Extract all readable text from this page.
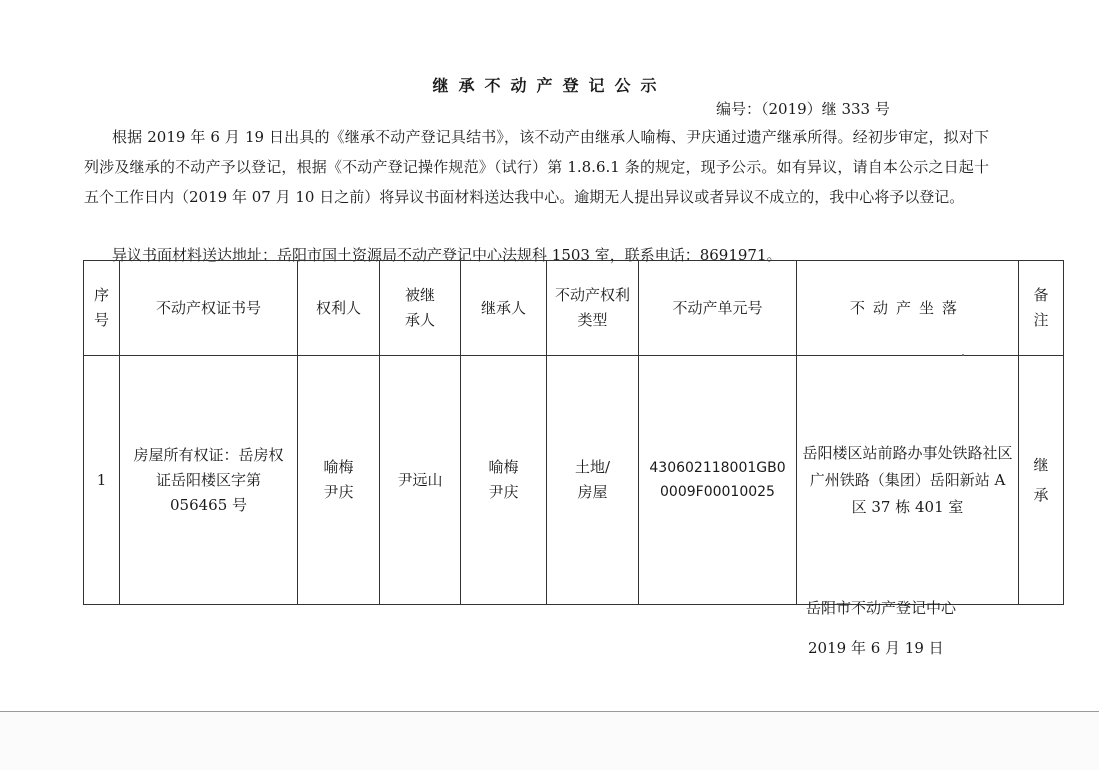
继承不动产登记公示
编号：（2019）继 333 号
根据 2019 年 6 月 19 日出具的《继承不动产登记具结书》，该不动产由继承人喻梅、尹庆通过遗产继承所得。经初步审定，拟对下列涉及继承的不动产予以登记，根据《不动产登记操作规范》（试行）第 1.8.6.1 条的规定，现予公示。如有异议，请自本公示之日起十五个工作日内（2019 年 07 月 10 日之前）将异议书面材料送达我中心。逾期无人提出异议或者异议不成立的，我中心将予以登记。
异议书面材料送达地址：岳阳市国土资源局不动产登记中心法规科 1503 室，联系电话：8691971。
序号	不动产权证书号	权利人	被继承人	继承人	不动产权利类型	不动产单元号	不动产坐落	备注

1	房屋所有权证：岳房权证岳阳楼区字第 056465 号	喻梅尹庆	尹远山	喻梅尹庆	土地/房屋	430602118001GB00009F00010025	岳阳楼区站前路办事处铁路社区广州铁路（集团）岳阳新站 A 区 37 栋 401 室	继承
岳阳市不动产登记中心
2019 年 6 月 19 日
